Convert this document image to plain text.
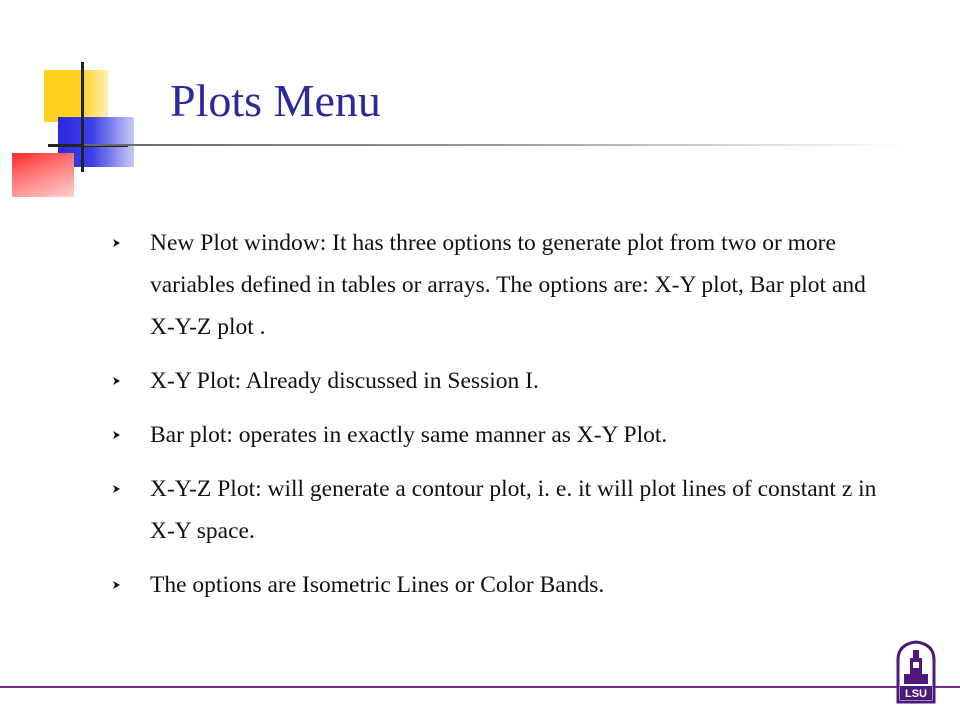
Plots Menu
New Plot window: It has three options to generate plot from two or more variables defined in tables or arrays. The options are: X-Y plot, Bar plot and X-Y-Z plot .
X-Y Plot: Already discussed in Session I.
Bar plot: operates in exactly same manner as X-Y Plot.
X-Y-Z Plot: will generate a contour plot, i. e. it will plot lines of constant z in X-Y space.
The options are Isometric Lines or Color Bands.
LSU
